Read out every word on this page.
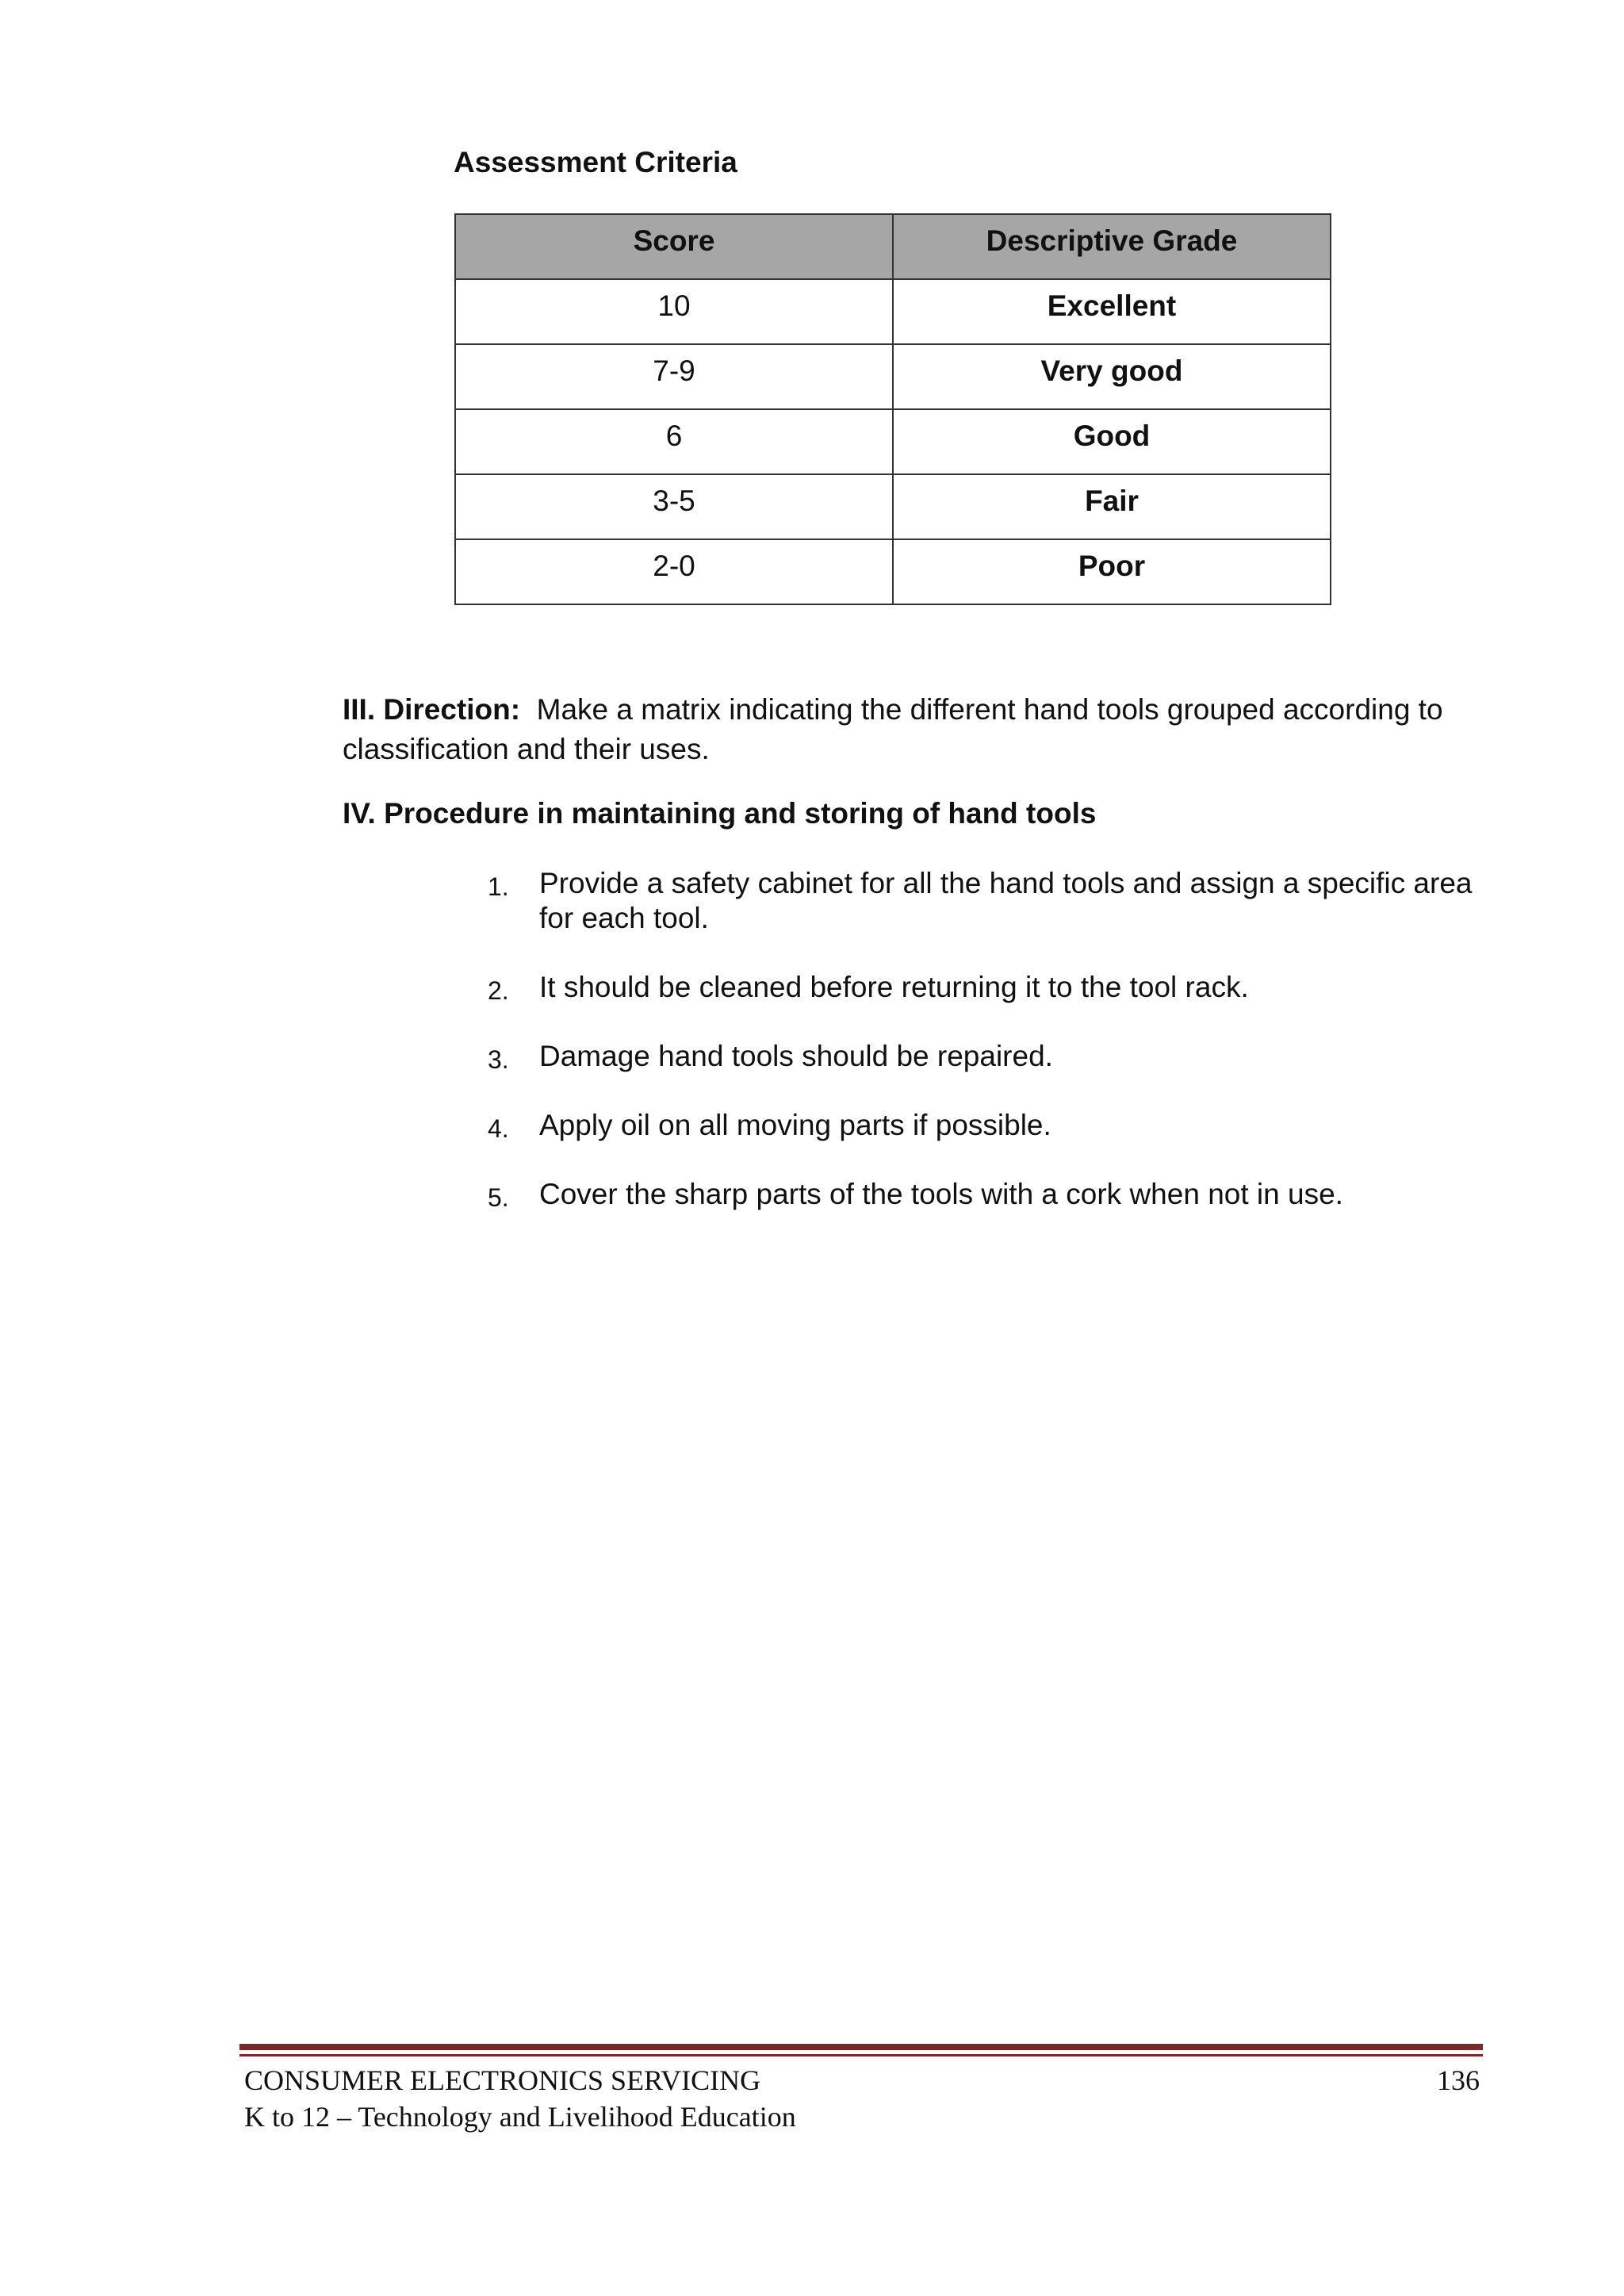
Assessment Criteria
Score	Descriptive Grade
10	Excellent
7-9	Very good
6	Good
3-5	Fair
2-0	Poor
III. Direction: Make a matrix indicating the different hand tools grouped according to classification and their uses.
IV. Procedure in maintaining and storing of hand tools
1.	Provide a safety cabinet for all the hand tools and assign a specific area for each tool.
2.	It should be cleaned before returning it to the tool rack.
3.	Damage hand tools should be repaired.
4.	Apply oil on all moving parts if possible.
5.	Cover the sharp parts of the tools with a cork when not in use.
CONSUMER ELECTRONICS SERVICING
K to 12 – Technology and Livelihood Education
136
